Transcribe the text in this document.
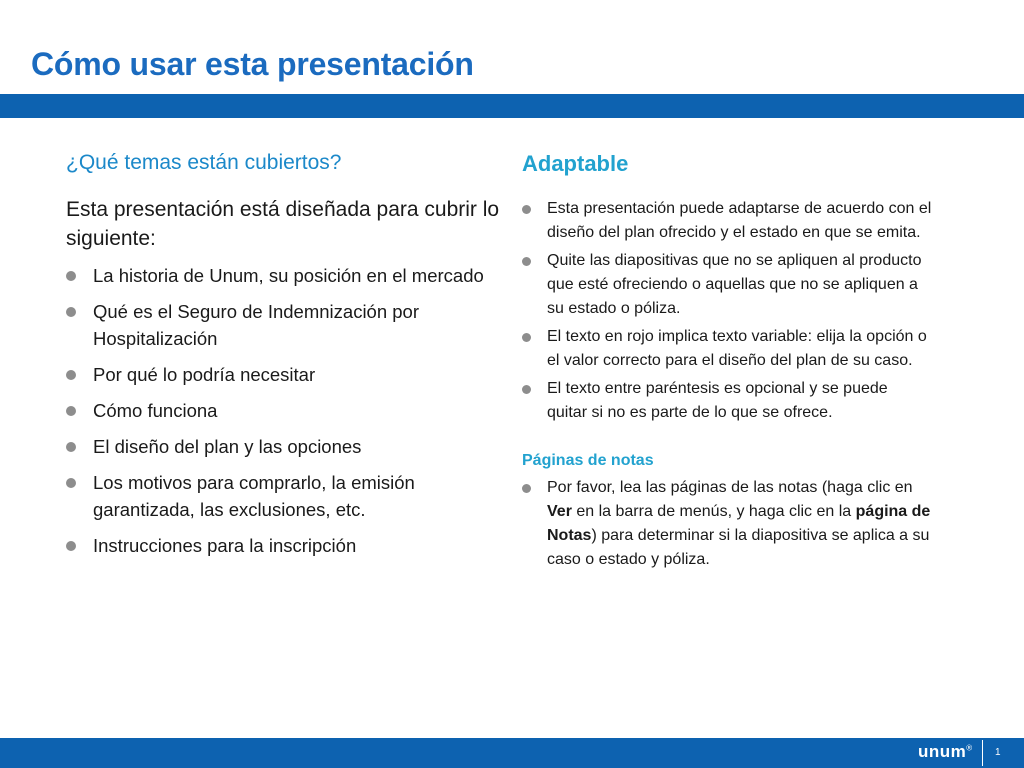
Cómo usar esta presentación
¿Qué temas están cubiertos?

Esta presentación está diseñada para cubrir lo siguiente:

La historia de Unum, su posición en el mercado
Qué es el Seguro de Indemnización por Hospitalización
Por qué lo podría necesitar
Cómo funciona
El diseño del plan y las opciones
Los motivos para comprarlo, la emisión garantizada, las exclusiones, etc.
Instrucciones para la inscripción
Adaptable
Esta presentación puede adaptarse de acuerdo con el diseño del plan ofrecido y el estado en que se emita.
Quite las diapositivas que no se apliquen al producto que esté ofreciendo o aquellas que no se apliquen a su estado o póliza.
El texto en rojo implica texto variable: elija la opción o el valor correcto para el diseño del plan de su caso.
El texto entre paréntesis es opcional y se puede quitar si no es parte de lo que se ofrece.
Páginas de notas
Por favor, lea las páginas de las notas (haga clic en Ver en la barra de menús, y haga clic en la página de Notas) para determinar si la diapositiva se aplica a su caso o estado y póliza.
unum® 1
